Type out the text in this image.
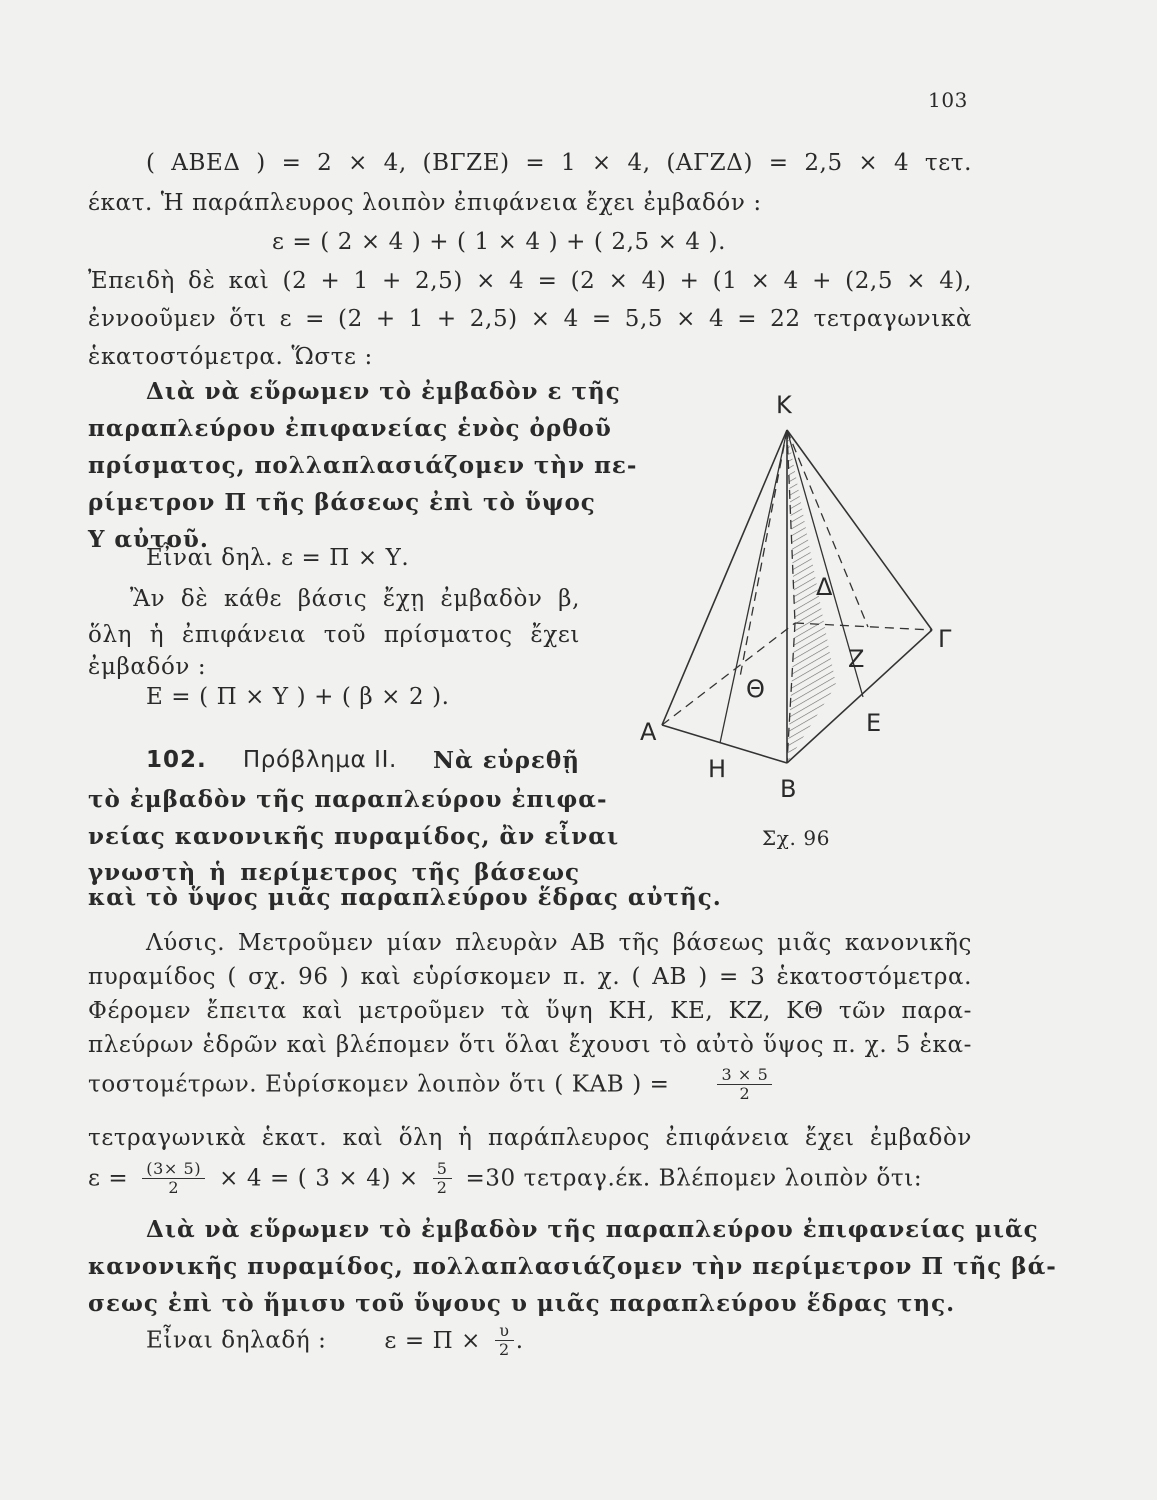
103
( ΑΒΕΔ ) = 2 × 4, (ΒΓΖΕ) = 1 × 4, (ΑΓΖΔ) = 2,5 × 4 τετ.
έκατ. Ἡ παράπλευρος λοιπὸν ἐπιφάνεια ἔχει ἐμβαδόν :
ε = ( 2 × 4 ) + ( 1 × 4 ) + ( 2,5 × 4 ).
Ἐπειδὴ δὲ καὶ (2 + 1 + 2,5) × 4 = (2 × 4) + (1 × 4 + (2,5 × 4),
ἐννοοῦμεν ὅτι ε = (2 + 1 + 2,5) × 4 = 5,5 × 4 = 22 τετραγωνικὰ
ἑκατοστόμετρα. Ὥστε :
Διὰ νὰ εὕρωμεν τὸ ἐμβαδὸν ε τῆς
παραπλεύρου ἐπιφανείας ἑνὸς ὀρθοῦ
πρίσματος, πολλαπλασιάζομεν τὴν πε-
ρίμετρον Π τῆς βάσεως ἐπὶ τὸ ὕψος
Υ αὐτοῦ.
Εἶναι δηλ. ε = Π × Υ.
Ἂν δὲ κάθε βάσις ἔχῃ ἐμβαδὸν β,
ὅλη ἡ ἐπιφάνεια τοῦ πρίσματος ἔχει
ἐμβαδόν :
Ε = ( Π × Υ ) + ( β × 2 ).
102. Πρόβλημα ΙΙ. Νὰ εὑρεθῇ
τὸ ἐμβαδὸν τῆς παραπλεύρου ἐπιφα-
νείας κανονικῆς πυραμίδος, ἂν εἶναι
γνωστὴ ἡ περίμετρος τῆς βάσεως
καὶ τὸ ὕψος μιᾶς παραπλεύρου ἕδρας αὐτῆς.
Λύσις. Μετροῦμεν μίαν πλευρὰν ΑΒ τῆς βάσεως μιᾶς κανονικῆς
πυραμίδος ( σχ. 96 ) καὶ εὑρίσκομεν π. χ. ( ΑΒ ) = 3 ἑκατοστόμετρα.
Φέρομεν ἔπειτα καὶ μετροῦμεν τὰ ὕψη ΚΗ, ΚΕ, ΚΖ, ΚΘ τῶν παρα-
πλεύρων ἑδρῶν καὶ βλέπομεν ὅτι ὅλαι ἔχουσι τὸ αὐτὸ ὕψος π. χ. 5 ἑκα-
τοστομέτρων. Εὑρίσκομεν λοιπὸν ὅτι ( ΚΑΒ ) =	$\frac{3 \times 5}{2}$
τετραγωνικὰ ἑκατ. καὶ ὅλη ἡ παράπλευρος ἐπιφάνεια ἔχει ἐμβαδὸν
$\varepsilon = \frac{(3\times 5)}{2} \times 4$ = ( $3 \times 4) \times \frac{5}{2} =30$ τετραγ.έκ. Βλέπομεν λοιπὸν ὅτι:
Διὰ νὰ εὕρωμεν τὸ ἐμβαδὸν τῆς παραπλεύρου ἐπιφανείας μιᾶς
κανονικῆς πυραμίδος, πολλαπλασιάζομεν τὴν περίμετρον Π τῆς βά-
σεως ἐπὶ τὸ ἥμισυ τοῦ ὕψους υ μιᾶς παραπλεύρου ἕδρας της.
Εἶναι δηλαδή :	$\varepsilon = \Pi \times \frac{\upsilon}{2}$ .
Κ
Α
Η
Β
Ε
Γ
Ζ
Δ
Θ
Σχ. 96
